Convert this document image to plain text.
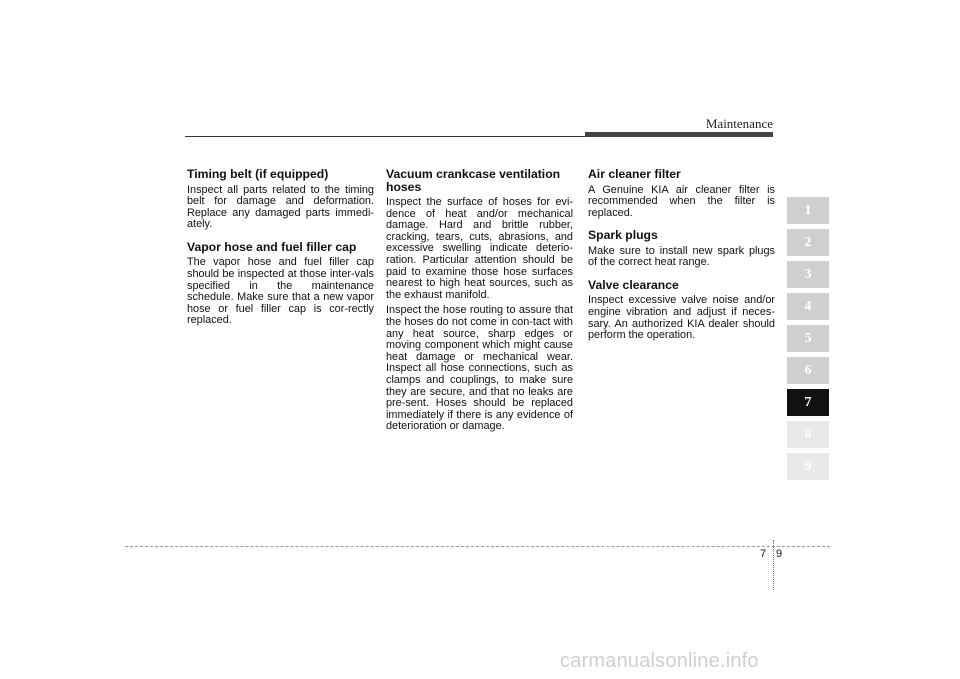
Maintenance
Timing belt (if equipped)

Inspect all parts related to the timing belt for damage and deformation. Replace any damaged parts immedi-ately.

Vapor hose and fuel filler cap

The vapor hose and fuel filler cap should be inspected at those inter-vals specified in the maintenance schedule. Make sure that a new vapor hose or fuel filler cap is cor-rectly replaced.

Vacuum crankcase ventilation hoses

Inspect the surface of hoses for evi-dence of heat and/or mechanical damage. Hard and brittle rubber, cracking, tears, cuts, abrasions, and excessive swelling indicate deterio-ration. Particular attention should be paid to examine those hose surfaces nearest to high heat sources, such as the exhaust manifold.

Inspect the hose routing to assure that the hoses do not come in con-tact with any heat source, sharp edges or moving component which might cause heat damage or mechanical wear. Inspect all hose connections, such as clamps and couplings, to make sure they are secure, and that no leaks are pre-sent. Hoses should be replaced immediately if there is any evidence of deterioration or damage.

Air cleaner filter

A Genuine KIA air cleaner filter is recommended when the filter is replaced.

Spark plugs

Make sure to install new spark plugs of the correct heat range.

Valve clearance

Inspect excessive valve noise and/or engine vibration and adjust if neces-sary. An authorized KIA dealer should perform the operation.

1
2
3
4
5
6
7
8
9
7 9
carmanualsonline.info
